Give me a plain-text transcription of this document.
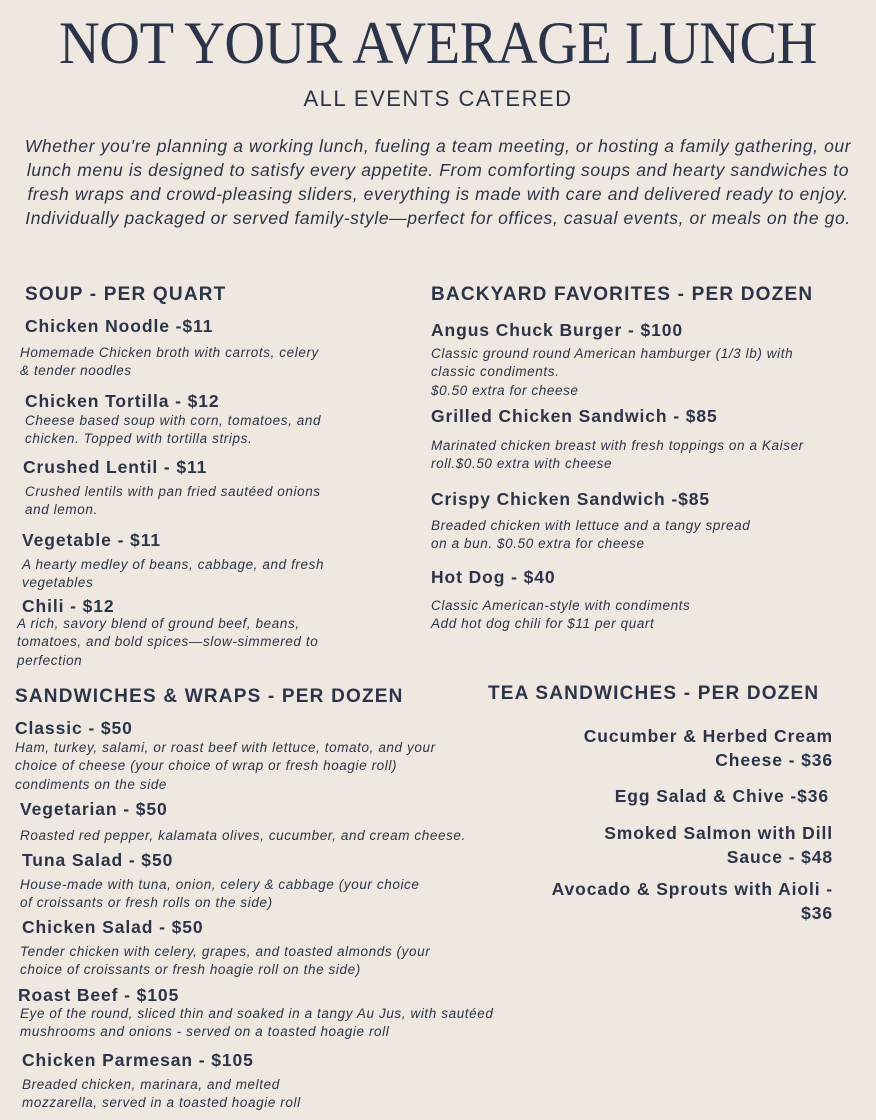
NOT YOUR AVERAGE LUNCH
ALL EVENTS CATERED
Whether you're planning a working lunch, fueling a team meeting, or hosting a family gathering, our lunch menu is designed to satisfy every appetite. From comforting soups and hearty sandwiches to fresh wraps and crowd-pleasing sliders, everything is made with care and delivered ready to enjoy. Individually packaged or served family-style—perfect for offices, casual events, or meals on the go.
SOUP - PER QUART
Chicken Noodle -$11
Homemade Chicken broth with carrots, celery & tender noodles
Chicken Tortilla - $12
Cheese based soup with corn, tomatoes, and chicken. Topped with tortilla strips.
Crushed Lentil - $11
Crushed lentils with pan fried sautéed onions and lemon.
Vegetable - $11
A hearty medley of beans, cabbage, and fresh vegetables
Chili - $12
A rich, savory blend of ground beef, beans, tomatoes, and bold spices—slow-simmered to perfection
BACKYARD FAVORITES - PER DOZEN
Angus Chuck Burger - $100
Classic ground round American hamburger (1/3 lb) with classic condiments.
$0.50 extra for cheese
Grilled Chicken Sandwich - $85
Marinated chicken breast with fresh toppings on a Kaiser roll.$0.50 extra with cheese
Crispy Chicken Sandwich -$85
Breaded chicken with lettuce and a tangy spread on a bun. $0.50 extra for cheese
Hot Dog - $40
Classic American-style with condiments
Add hot dog chili for $11 per quart
SANDWICHES & WRAPS - PER DOZEN
Classic - $50
Ham, turkey, salami, or roast beef with lettuce, tomato, and your choice of cheese (your choice of wrap or fresh hoagie roll) condiments on the side
Vegetarian - $50
Roasted red pepper, kalamata olives, cucumber, and cream cheese.
Tuna Salad - $50
House-made with tuna, onion, celery & cabbage (your choice of croissants or fresh rolls on the side)
Chicken Salad - $50
Tender chicken with celery, grapes, and toasted almonds (your choice of croissants or fresh hoagie roll on the side)
Roast Beef - $105
Eye of the round, sliced thin and soaked in a tangy Au Jus, with sautéed mushrooms and onions - served on a toasted hoagie roll
Chicken Parmesan - $105
Breaded chicken, marinara, and melted mozzarella, served in a toasted hoagie roll
TEA SANDWICHES - PER DOZEN
Cucumber & Herbed Cream Cheese - $36
Egg Salad & Chive -$36
Smoked Salmon with Dill Sauce - $48
Avocado & Sprouts with Aioli - $36
